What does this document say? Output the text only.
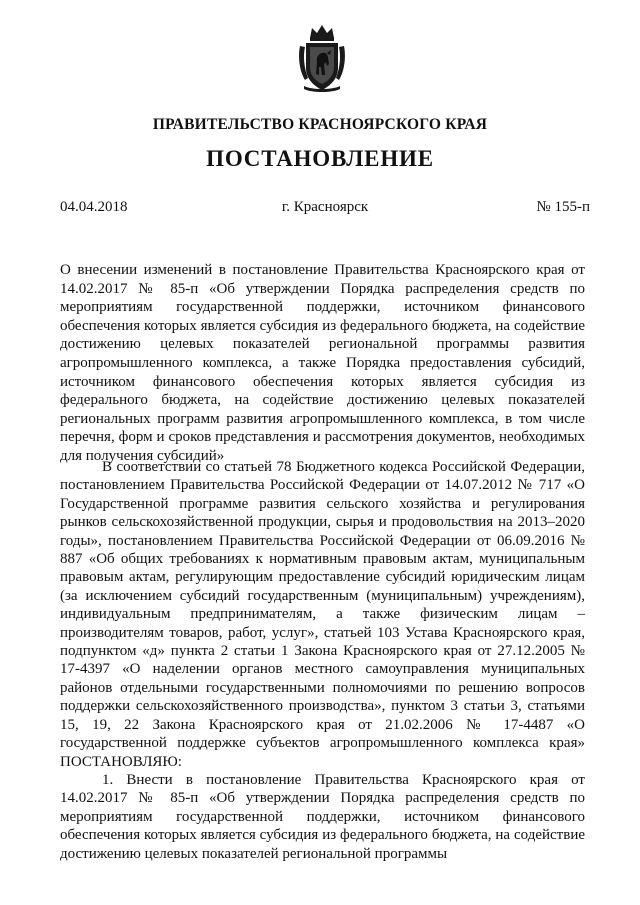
ПРАВИТЕЛЬСТВО КРАСНОЯРСКОГО КРАЯ
ПОСТАНОВЛЕНИЕ
04.04.2018	г. Красноярск	№ 155-п

О внесении изменений в постановление Правительства Красноярского края от 14.02.2017 № 85-п «Об утверждении Порядка распределения средств по мероприятиям государственной поддержки, источником финансового обеспечения которых является субсидия из федерального бюджета, на содействие достижению целевых показателей региональной программы развития агропромышленного комплекса, а также Порядка предоставления субсидий, источником финансового обеспечения которых является субсидия из федерального бюджета, на содействие достижению целевых показателей региональных программ развития агропромышленного комплекса, в том числе перечня, форм и сроков представления и рассмотрения документов, необходимых для получения субсидий»

В соответствии со статьей 78 Бюджетного кодекса Российской Федерации, постановлением Правительства Российской Федерации от 14.07.2012 № 717 «О Государственной программе развития сельского хозяйства и регулирования рынков сельскохозяйственной продукции, сырья и продовольствия на 2013–2020 годы», постановлением Правительства Российской Федерации от 06.09.2016 № 887 «Об общих требованиях к нормативным правовым актам, муниципальным правовым актам, регулирующим предоставление субсидий юридическим лицам (за исключением субсидий государственным (муниципальным) учреждениям), индивидуальным предпринимателям, а также физическим лицам – производителям товаров, работ, услуг», статьей 103 Устава Красноярского края, подпунктом «д» пункта 2 статьи 1 Закона Красноярского края от 27.12.2005 № 17-4397 «О наделении органов местного самоуправления муниципальных районов отдельными государственными полномочиями по решению вопросов поддержки сельскохозяйственного производства», пунктом 3 статьи 3, статьями 15, 19, 22 Закона Красноярского края от 21.02.2006 № 17-4487 «О государственной поддержке субъектов агропромышленного комплекса края» ПОСТАНОВЛЯЮ:

1. Внести в постановление Правительства Красноярского края от 14.02.2017 № 85-п «Об утверждении Порядка распределения средств по мероприятиям государственной поддержки, источником финансового обеспечения которых является субсидия из федерального бюджета, на содействие достижению целевых показателей региональной программы
